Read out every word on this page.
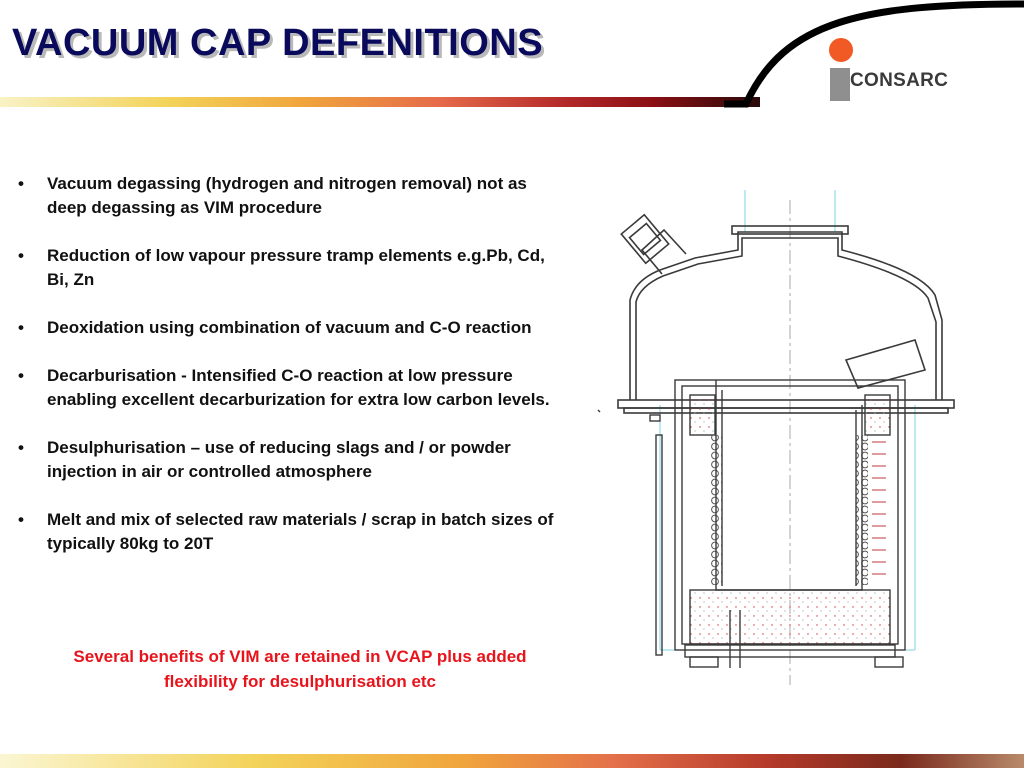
VACUUM CAP DEFENITIONS
CONSARC
• Vacuum degassing (hydrogen and nitrogen removal) not as deep degassing as VIM procedure
• Reduction of low vapour pressure tramp elements e.g.Pb, Cd, Bi, Zn
• Deoxidation using combination of vacuum and C-O reaction
• Decarburisation - Intensified C-O reaction at low pressure enabling excellent decarburization for extra low carbon levels.
• Desulphurisation – use of reducing slags and / or powder injection in air or controlled atmosphere
• Melt and mix of selected raw materials / scrap in batch sizes of typically 80kg to 20T

Several benefits of VIM are retained in VCAP plus added flexibility for desulphurisation etc
